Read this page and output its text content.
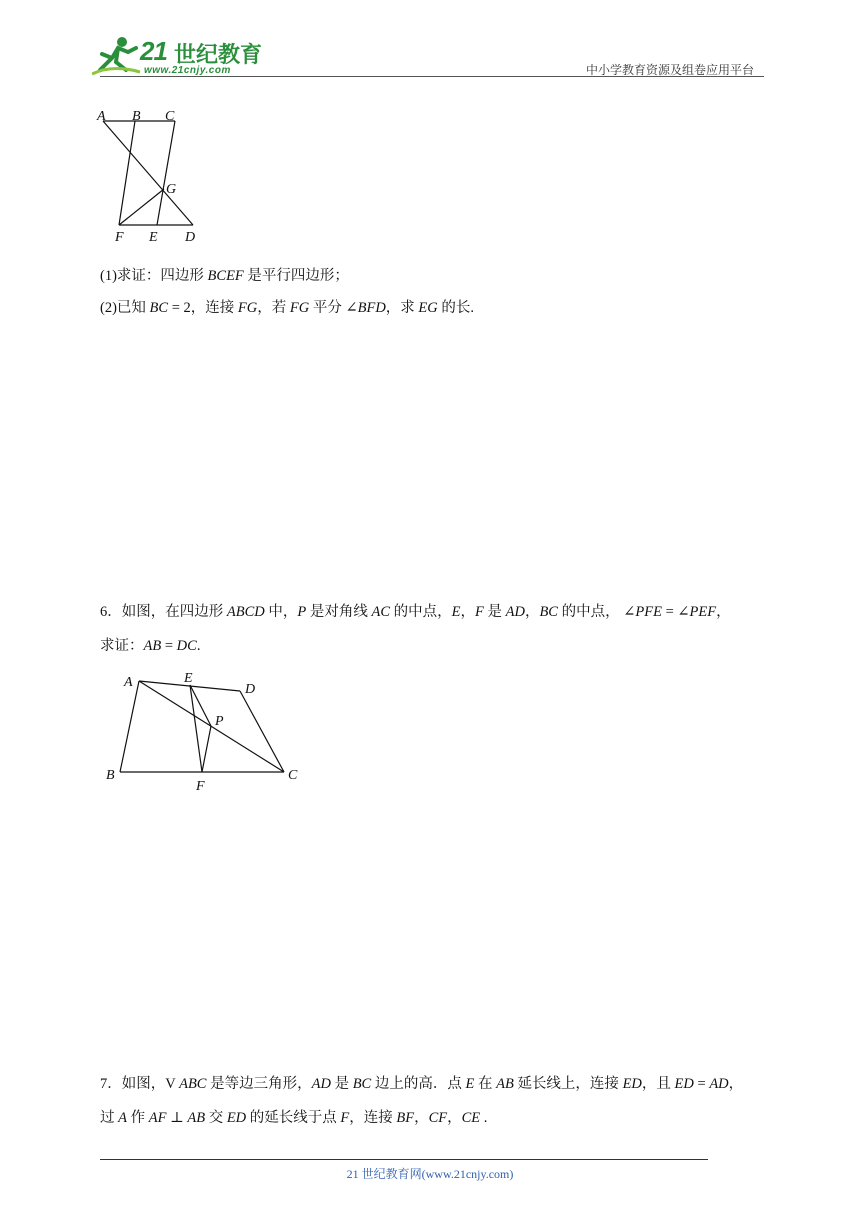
21 世纪教育
www.21cnjy.com	中小学教育资源及组卷应用平台
A B C
G
F E D
(1)求证：四边形 BCEF 是平行四边形；
(2)已知 BC = 2，连接 FG，若 FG 平分 ∠BFD，求 EG 的长.
6．如图，在四边形 ABCD 中，P 是对角线 AC 的中点，E，F 是 AD，BC 的中点， ∠PFE = ∠PEF，
求证：AB = DC.
A	E
D
P
B
F
C
7．如图，V ABC 是等边三角形，AD 是 BC 边上的高．点 E 在 AB 延长线上，连接 ED，且 ED = AD，
过 A 作 AF ⊥ AB 交 ED 的延长线于点 F，连接 BF，CF，CE .
21 世纪教育网(www.21cnjy.com)
